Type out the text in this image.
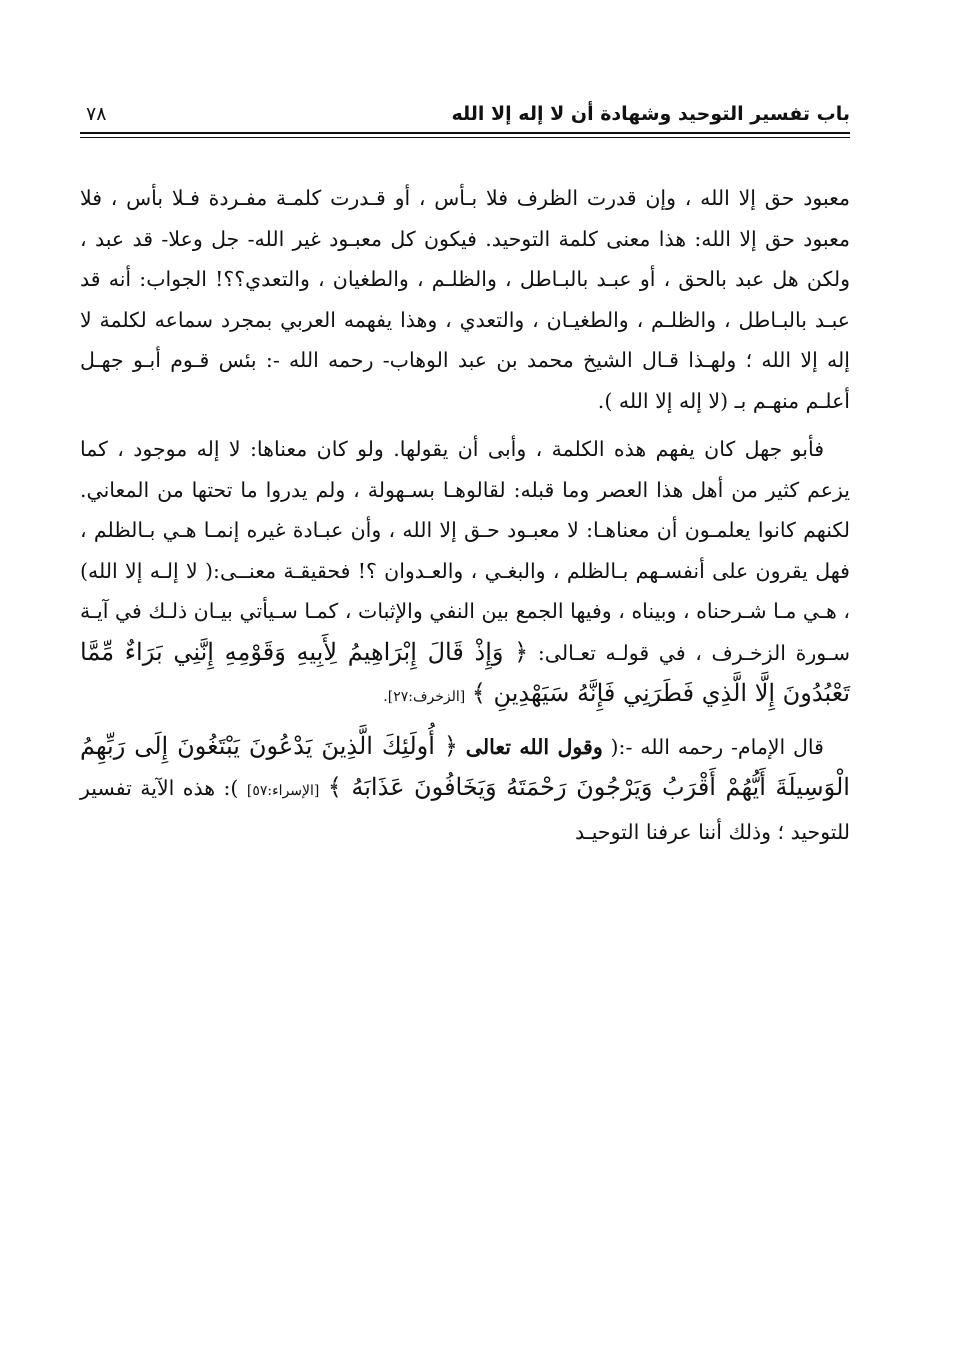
باب تفسير التوحيد وشهادة أن لا إله إلا الله
٧٨

معبود حق إلا الله ، وإن قدرت الظرف فلا بـأس ، أو قـدرت كلمـة مفـردة فـلا بأس ، فلا معبود حق إلا الله: هذا معنى كلمة التوحيد. فيكون كل معبـود غير الله- جل وعلا- قد عبد ، ولكن هل عبد بالحق ، أو عبـد بالبـاطل ، والظلـم ، والطغيان ، والتعدي؟؟! الجواب: أنه قد عبـد بالبـاطل ، والظلـم ، والطغيـان ، والتعدي ، وهذا يفهمه العربي بمجرد سماعه لكلمة لا إله إلا الله ؛ ولهـذا قـال الشيخ محمد بن عبد الوهاب- رحمه الله -: بئس قـوم أبـو جهـل أعلـم منهـم بـ (لا إله إلا الله ).

فأبو جهل كان يفهم هذه الكلمة ، وأبى أن يقولها. ولو كان معناها: لا إله موجود ، كما يزعم كثير من أهل هذا العصر وما قبله: لقالوهـا بسـهولة ، ولم يدروا ما تحتها من المعاني. لكنهم كانوا يعلمـون أن معناهـا: لا معبـود حـق إلا الله ، وأن عبـادة غيره إنمـا هـي بـالظلم ، فهل يقرون على أنفسـهم بـالظلم ، والبغـي ، والعـدوان ؟! فحقيقـة معنــى:( لا إلـه إلا الله) ، هـي مـا شـرحناه ، وبيناه ، وفيها الجمع بين النفي والإثبات ، كمـا سـيأتي بيـان ذلـك في آيـة سـورة الزخـرف ، في قولـه تعـالى: ﴿ وَإِذْ قَالَ إِبْرَاهِيمُ لِأَبِيهِ وَقَوْمِهِ إِنَّنِي بَرَاءٌ مِّمَّا تَعْبُدُونَ إِلَّا الَّذِي فَطَرَنِي فَإِنَّهُ سَيَهْدِينِ ﴾ [الزخرف:٢٧].

قال الإمام- رحمه الله -:( وقول الله تعالى ﴿ أُولَئِكَ الَّذِينَ يَدْعُونَ يَبْتَغُونَ إِلَى رَبِّهِمُ الْوَسِيلَةَ أَيُّهُمْ أَقْرَبُ وَيَرْجُونَ رَحْمَتَهُ وَيَخَافُونَ عَذَابَهُ ﴾ [الإسراء:٥٧] ): هذه الآية تفسير للتوحيد ؛ وذلك أننا عرفنا التوحيـد
